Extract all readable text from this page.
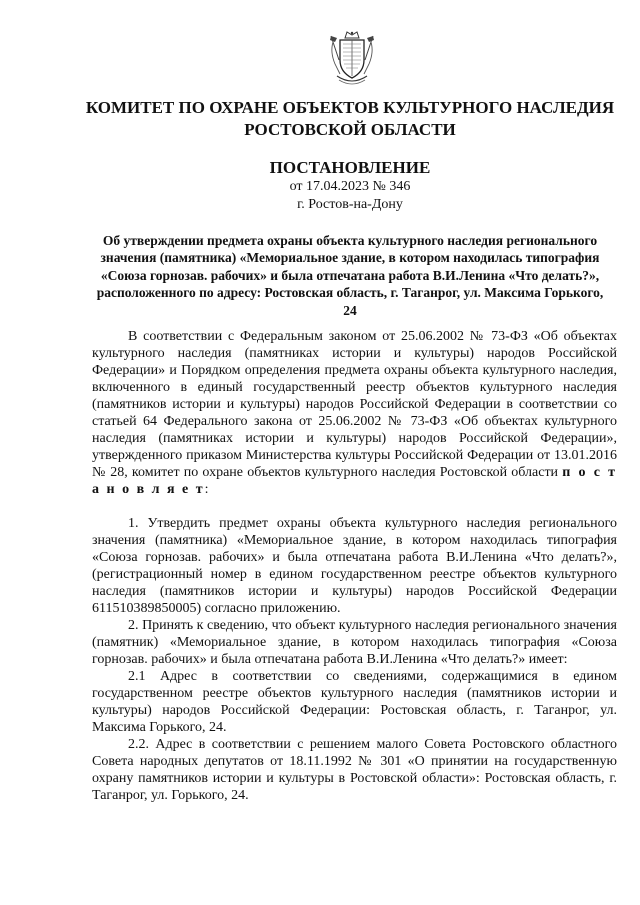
КОМИТЕТ ПО ОХРАНЕ ОБЪЕКТОВ КУЛЬТУРНОГО НАСЛЕДИЯ РОСТОВСКОЙ ОБЛАСТИ
ПОСТАНОВЛЕНИЕ
от 17.04.2023 № 346
г. Ростов-на-Дону
Об утверждении предмета охраны объекта культурного наследия регионального значения (памятника) «Мемориальное здание, в котором находилась типография «Союза горнозав. рабочих» и была отпечатана работа В.И.Ленина «Что делать?», расположенного по адресу: Ростовская область, г. Таганрог, ул. Максима Горького, 24

В соответствии с Федеральным законом от 25.06.2002 № 73-ФЗ «Об объектах культурного наследия (памятниках истории и культуры) народов Российской Федерации» и Порядком определения предмета охраны объекта культурного наследия, включенного в единый государственный реестр объектов культурного наследия (памятников истории и культуры) народов Российской Федерации в соответствии со статьей 64 Федерального закона от 25.06.2002 № 73-ФЗ «Об объектах культурного наследия (памятниках истории и культуры) народов Российской Федерации», утвержденного приказом Министерства культуры Российской Федерации от 13.01.2016 № 28, комитет по охране объектов культурного наследия Ростовской области п о с т а н о в л я е т:

1. Утвердить предмет охраны объекта культурного наследия регионального значения (памятника) «Мемориальное здание, в котором находилась типография «Союза горнозав. рабочих» и была отпечатана работа В.И.Ленина «Что делать?», (регистрационный номер в едином государственном реестре объектов культурного наследия (памятников истории и культуры) народов Российской Федерации 611510389850005) согласно приложению.

2. Принять к сведению, что объект культурного наследия регионального значения (памятник) «Мемориальное здание, в котором находилась типография «Союза горнозав. рабочих» и была отпечатана работа В.И.Ленина «Что делать?» имеет:

2.1 Адрес в соответствии со сведениями, содержащимися в едином государственном реестре объектов культурного наследия (памятников истории и культуры) народов Российской Федерации: Ростовская область, г. Таганрог, ул. Максима Горького, 24.

2.2. Адрес в соответствии с решением малого Совета Ростовского областного Совета народных депутатов от 18.11.1992 № 301 «О принятии на государственную охрану памятников истории и культуры в Ростовской области»: Ростовская область, г. Таганрог, ул. Горького, 24.
